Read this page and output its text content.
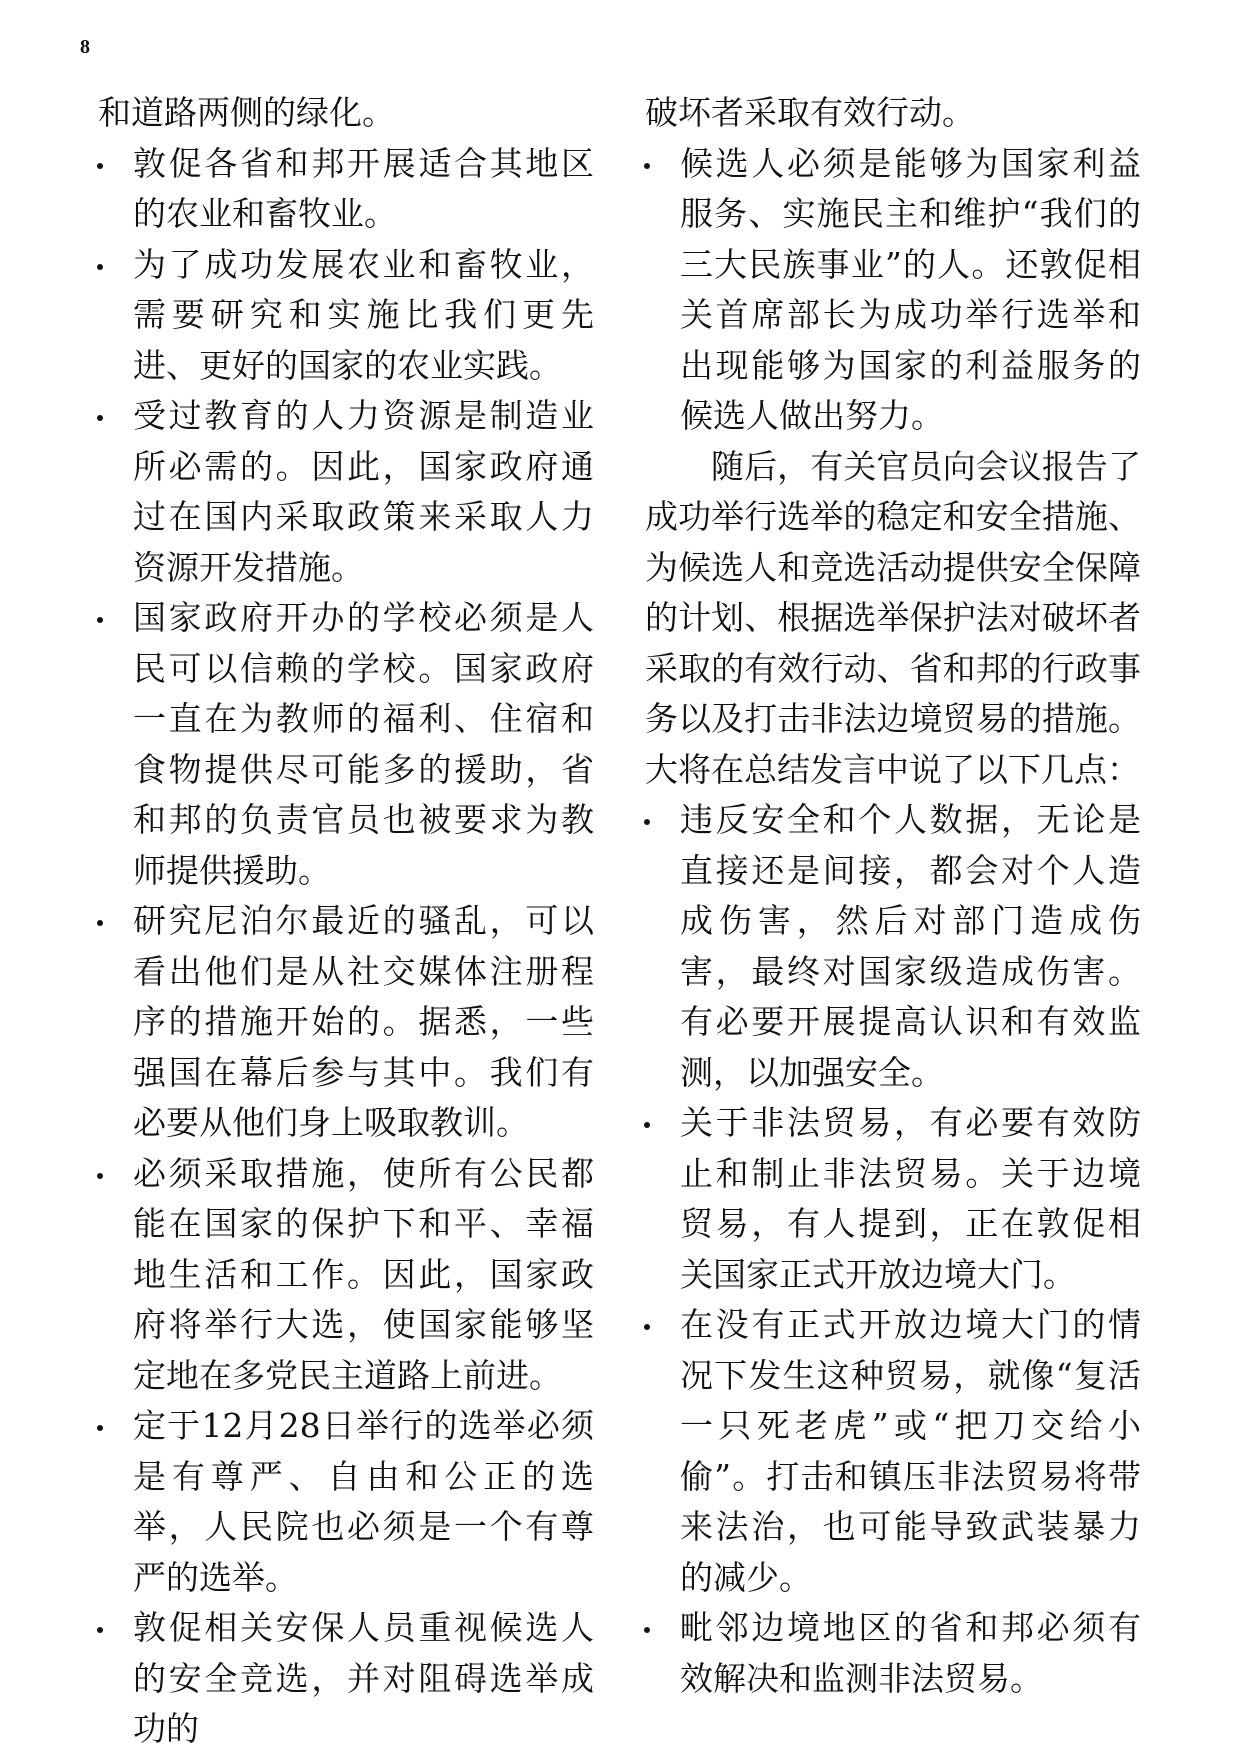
8

和道路两侧的绿化。

敦促各省和邦开展适合其地区的农业和畜牧业。
为了成功发展农业和畜牧业，需要研究和实施比我们更先进、更好的国家的农业实践。
受过教育的人力资源是制造业所必需的。因此，国家政府通过在国内采取政策来采取人力资源开发措施。
国家政府开办的学校必须是人民可以信赖的学校。国家政府一直在为教师的福利、住宿和食物提供尽可能多的援助，省和邦的负责官员也被要求为教师提供援助。
研究尼泊尔最近的骚乱，可以看出他们是从社交媒体注册程序的措施开始的。据悉，一些强国在幕后参与其中。我们有必要从他们身上吸取教训。
必须采取措施，使所有公民都能在国家的保护下和平、幸福地生活和工作。因此，国家政府将举行大选，使国家能够坚定地在多党民主道路上前进。
定于12月28日举行的选举必须是有尊严、自由和公正的选举，人民院也必须是一个有尊严的选举。
敦促相关安保人员重视候选人的安全竞选，并对阻碍选举成功的

破坏者采取有效行动。

候选人必须是能够为国家利益服务、实施民主和维护“我们的三大民族事业”的人。还敦促相关首席部长为成功举行选举和出现能够为国家的利益服务的候选人做出努力。

随后，有关官员向会议报告了成功举行选举的稳定和安全措施、为候选人和竞选活动提供安全保障的计划、根据选举保护法对破坏者采取的有效行动、省和邦的行政事务以及打击非法边境贸易的措施。大将在总结发言中说了以下几点：

违反安全和个人数据，无论是直接还是间接，都会对个人造成伤害，然后对部门造成伤害，最终对国家级造成伤害。有必要开展提高认识和有效监测，以加强安全。
关于非法贸易，有必要有效防止和制止非法贸易。关于边境贸易，有人提到，正在敦促相关国家正式开放边境大门。
在没有正式开放边境大门的情况下发生这种贸易，就像“复活一只死老虎”或“把刀交给小偷”。打击和镇压非法贸易将带来法治，也可能导致武装暴力的减少。
毗邻边境地区的省和邦必须有效解决和监测非法贸易。
